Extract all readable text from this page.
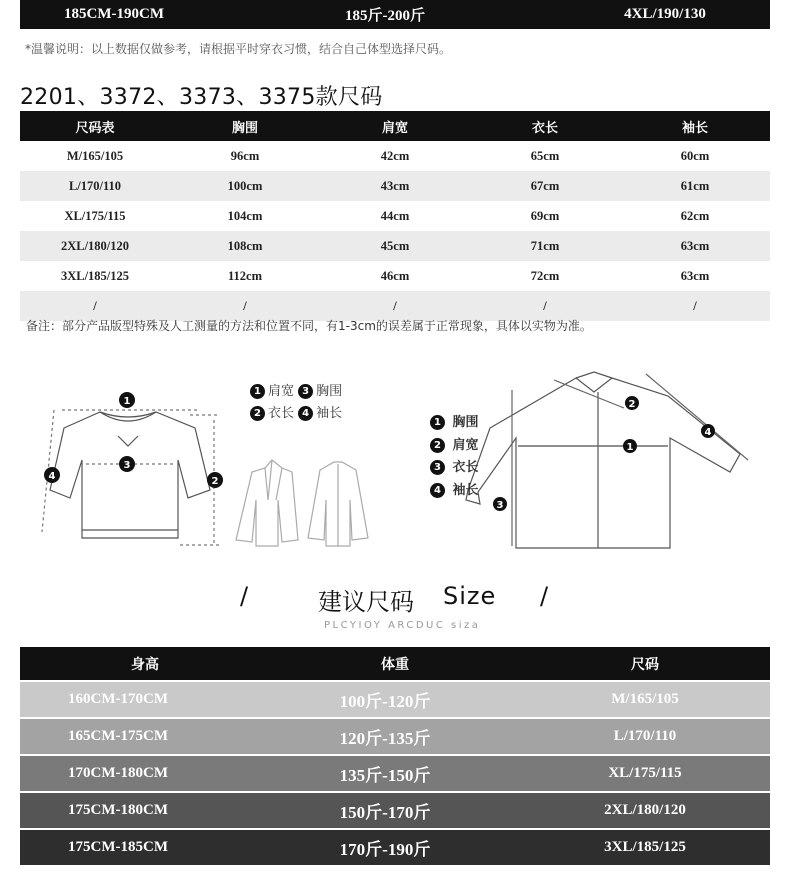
185CM-190CM	185斤-200斤	4XL/190/130
*温馨说明：以上数据仅做参考，请根据平时穿衣习惯，结合自己体型选择尺码。
2201、3372、3373、3375款尺码
尺码表	胸围	肩宽	衣长	袖长
M/165/105	96cm	42cm	65cm	60cm
L/170/110	100cm	43cm	67cm	61cm
XL/175/115	104cm	44cm	69cm	62cm
2XL/180/120	108cm	45cm	71cm	63cm
3XL/185/125	112cm	46cm	72cm	63cm
/	/	/	/	/
备注：部分产品版型特殊及人工测量的方法和位置不同，有1-3cm的误差属于正常现象，具体以实物为准。
1
2
3
4
2
1
3
4
1 肩宽 3 胸围
2 衣长 4 袖长
1 胸围
2 肩宽
3 衣长
4 袖长
/	建议尺码 Size /
PLCYIOY ARCDUC siza
身高	体重	尺码
160CM-170CM	100斤-120斤	M/165/105
165CM-175CM	120斤-135斤	L/170/110
170CM-180CM	135斤-150斤	XL/175/115
175CM-180CM	150斤-170斤	2XL/180/120
175CM-185CM	170斤-190斤	3XL/185/125
